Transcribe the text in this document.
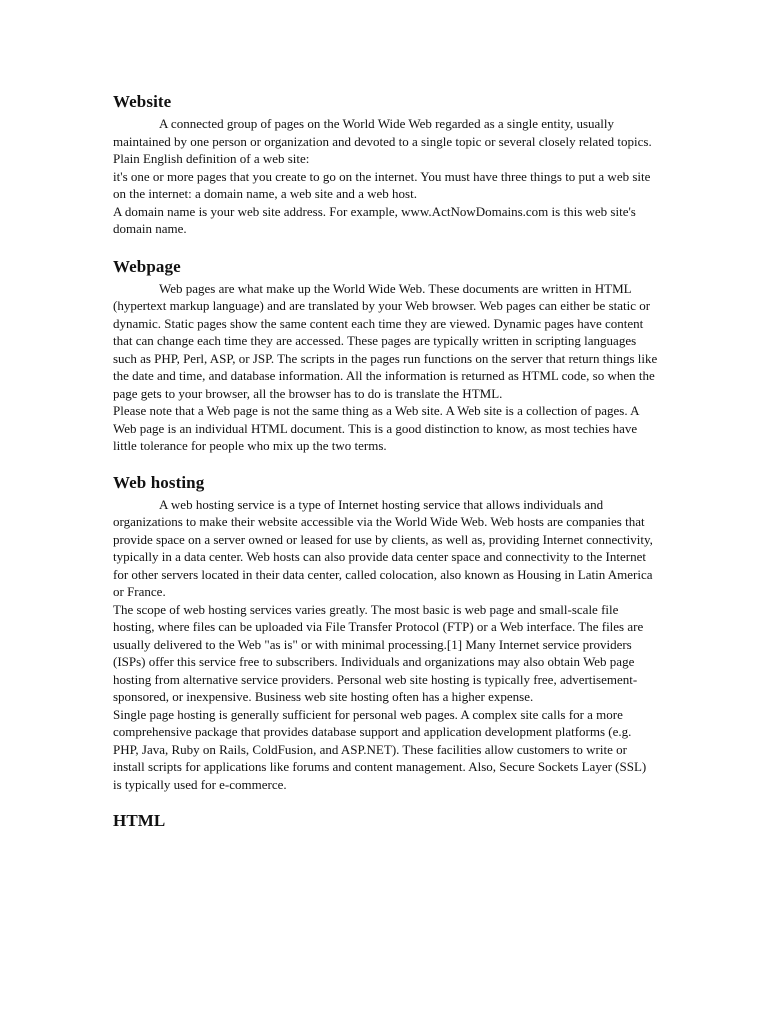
Website

A connected group of pages on the World Wide Web regarded as a single entity, usually maintained by one person or organization and devoted to a single topic or several closely related topics.

Plain English definition of a web site:

it's one or more pages that you create to go on the internet. You must have three things to put a web site on the internet: a domain name, a web site and a web host.

A domain name is your web site address. For example, www.ActNowDomains.com is this web site's domain name.

Webpage

Web pages are what make up the World Wide Web. These documents are written in HTML (hypertext markup language) and are translated by your Web browser. Web pages can either be static or dynamic. Static pages show the same content each time they are viewed. Dynamic pages have content that can change each time they are accessed. These pages are typically written in scripting languages such as PHP, Perl, ASP, or JSP. The scripts in the pages run functions on the server that return things like the date and time, and database information. All the information is returned as HTML code, so when the page gets to your browser, all the browser has to do is translate the HTML.

Please note that a Web page is not the same thing as a Web site. A Web site is a collection of pages. A Web page is an individual HTML document. This is a good distinction to know, as most techies have little tolerance for people who mix up the two terms.

Web hosting

A web hosting service is a type of Internet hosting service that allows individuals and organizations to make their website accessible via the World Wide Web. Web hosts are companies that provide space on a server owned or leased for use by clients, as well as, providing Internet connectivity, typically in a data center. Web hosts can also provide data center space and connectivity to the Internet for other servers located in their data center, called colocation, also known as Housing in Latin America or France.

The scope of web hosting services varies greatly. The most basic is web page and small-scale file hosting, where files can be uploaded via File Transfer Protocol (FTP) or a Web interface. The files are usually delivered to the Web "as is" or with minimal processing.[1] Many Internet service providers (ISPs) offer this service free to subscribers. Individuals and organizations may also obtain Web page hosting from alternative service providers. Personal web site hosting is typically free, advertisement-sponsored, or inexpensive. Business web site hosting often has a higher expense.

Single page hosting is generally sufficient for personal web pages. A complex site calls for a more comprehensive package that provides database support and application development platforms (e.g. PHP, Java, Ruby on Rails, ColdFusion, and ASP.NET). These facilities allow customers to write or install scripts for applications like forums and content management. Also, Secure Sockets Layer (SSL) is typically used for e-commerce.

HTML
